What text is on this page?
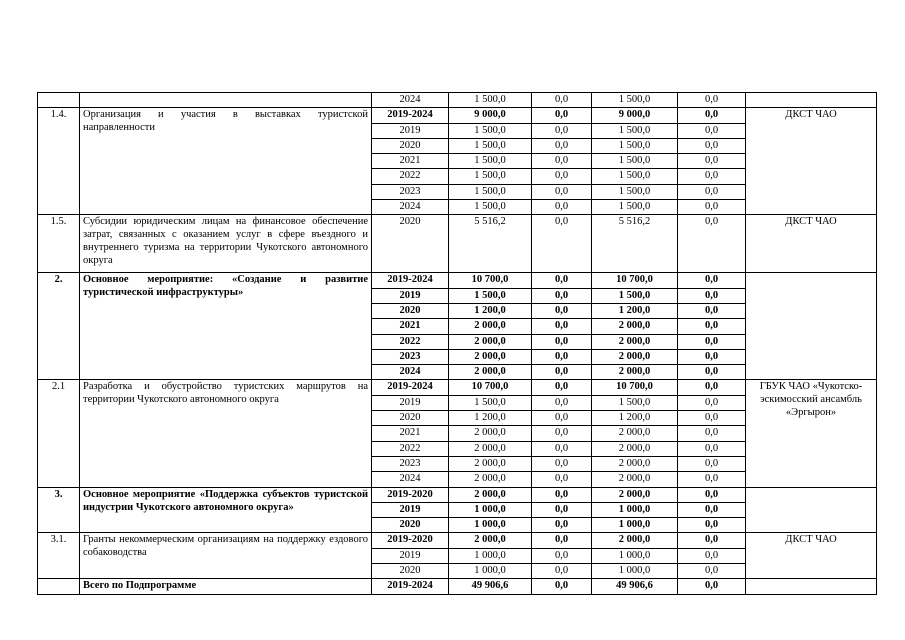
		2024	1 500,0	0,0	1 500,0	0,0	
1.4.	Организация и участия в выставках туристской направленности	2019-2024	9 000,0	0,0	9 000,0	0,0	ДКСТ ЧАО
		2019	1 500,0	0,0	1 500,0	0,0	
		2020	1 500,0	0,0	1 500,0	0,0	
		2021	1 500,0	0,0	1 500,0	0,0	
		2022	1 500,0	0,0	1 500,0	0,0	
		2023	1 500,0	0,0	1 500,0	0,0	
		2024	1 500,0	0,0	1 500,0	0,0	
1.5.	Субсидии юридическим лицам на финансовое обеспечение затрат, связанных с оказанием услуг в сфере въездного и внутреннего туризма на территории Чукотского автономного округа	2020	5 516,2	0,0	5 516,2	0,0	ДКСТ ЧАО
2.	Основное мероприятие: «Создание и развитие туристической инфраструктуры»	2019-2024	10 700,0	0,0	10 700,0	0,0	
		2019	1 500,0	0,0	1 500,0	0,0	
		2020	1 200,0	0,0	1 200,0	0,0	
		2021	2 000,0	0,0	2 000,0	0,0	
		2022	2 000,0	0,0	2 000,0	0,0	
		2023	2 000,0	0,0	2 000,0	0,0	
		2024	2 000,0	0,0	2 000,0	0,0	
2.1	Разработка и обустройство туристских маршрутов на территории Чукотского автономного округа	2019-2024	10 700,0	0,0	10 700,0	0,0	ГБУК ЧАО «Чукотско-эскимосский ансамбль «Эргырон»
		2019	1 500,0	0,0	1 500,0	0,0	
		2020	1 200,0	0,0	1 200,0	0,0	
		2021	2 000,0	0,0	2 000,0	0,0	
		2022	2 000,0	0,0	2 000,0	0,0	
		2023	2 000,0	0,0	2 000,0	0,0	
		2024	2 000,0	0,0	2 000,0	0,0	
3.	Основное мероприятие «Поддержка субъектов туристской индустрии Чукотского автономного округа»	2019-2020	2 000,0	0,0	2 000,0	0,0	
		2019	1 000,0	0,0	1 000,0	0,0	
		2020	1 000,0	0,0	1 000,0	0,0	
3.1.	Гранты некоммерческим организациям на поддержку ездового собаководства	2019-2020	2 000,0	0,0	2 000,0	0,0	ДКСТ ЧАО
		2019	1 000,0	0,0	1 000,0	0,0	
		2020	1 000,0	0,0	1 000,0	0,0	
	Всего по Подпрограмме	2019-2024	49 906,6	0,0	49 906,6	0,0	
